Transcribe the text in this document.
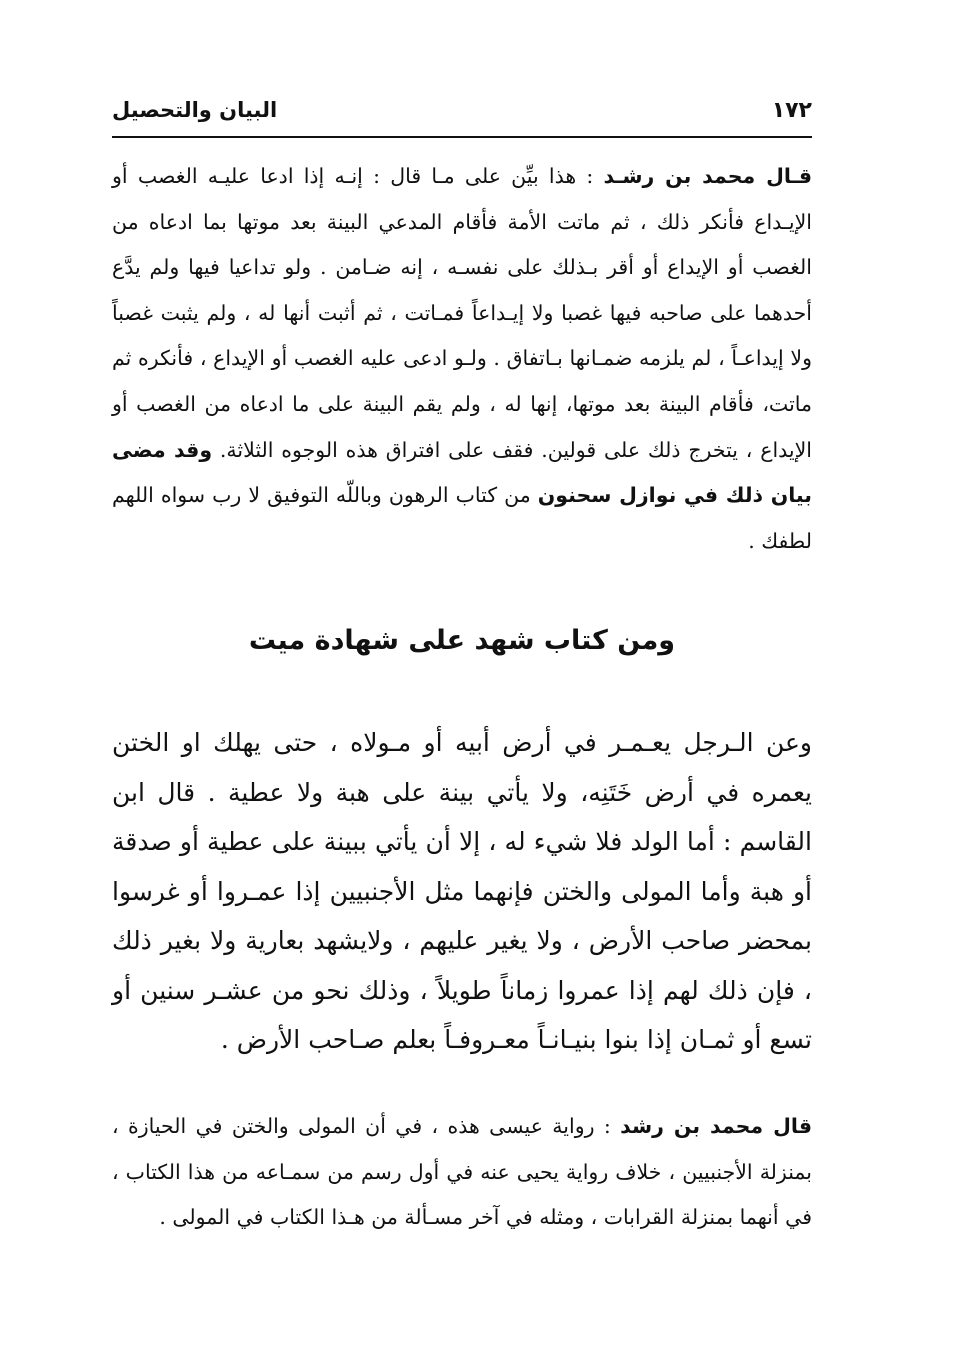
١٧٢
البيان والتحصيل

قـال محمد بن رشـد : هذا بيِّن على مـا قال : إنـه إذا ادعا عليـه الغصب أو الإيـداع فأنكر ذلك ، ثم ماتت الأمة فأقام المدعي البينة بعد موتها بما ادعاه من الغصب أو الإيداع أو أقر بـذلك على نفسـه ، إنه ضـامن . ولو تداعيا فيها ولم يدَّع أحدهما على صاحبه فيها غصبا ولا إيـداعاً فمـاتت ، ثم أثبت أنها له ، ولم يثبت غصباً ولا إيداعـاً ، لم يلزمه ضمـانها بـاتفاق . ولـو ادعى عليه الغصب أو الإيداع ، فأنكره ثم ماتت، فأقام البينة بعد موتها، إنها له ، ولم يقم البينة على ما ادعاه من الغصب أو الإيداع ، يتخرج ذلك على قولين. فقف على افتراق هذه الوجوه الثلاثة. وقد مضى بيان ذلك في نوازل سحنون من كتاب الرهون وباللّه التوفيق لا رب سواه اللهم لطفك .

ومن كتاب شهد على شهادة ميت

وعن الـرجل يعـمـر في أرض أبيه أو مـولاه ، حتى يهلك او الختن يعمره في أرض خَتَنِه، ولا يأتي بينة على هبة ولا عطية . قال ابن القاسم : أما الولد فلا شيء له ، إلا أن يأتي ببينة على عطية أو صدقة أو هبة وأما المولى والختن فإنهما مثل الأجنبيين إذا عمـروا أو غرسوا بمحضر صاحب الأرض ، ولا يغير عليهم ، ولايشهد بعارية ولا بغير ذلك ، فإن ذلك لهم إذا عمروا زماناً طويلاً ، وذلك نحو من عشـر سنين أو تسع أو ثمـان إذا بنوا بنيـانـاً معـروفـاً بعلم صـاحب الأرض .

قال محمد بن رشد : رواية عيسى هذه ، في أن المولى والختن في الحيازة ، بمنزلة الأجنبيين ، خلاف رواية يحيى عنه في أول رسم من سمـاعه من هذا الكتاب ، في أنهما بمنزلة القرابات ، ومثله في آخر مسـألة من هـذا الكتاب في المولى .
